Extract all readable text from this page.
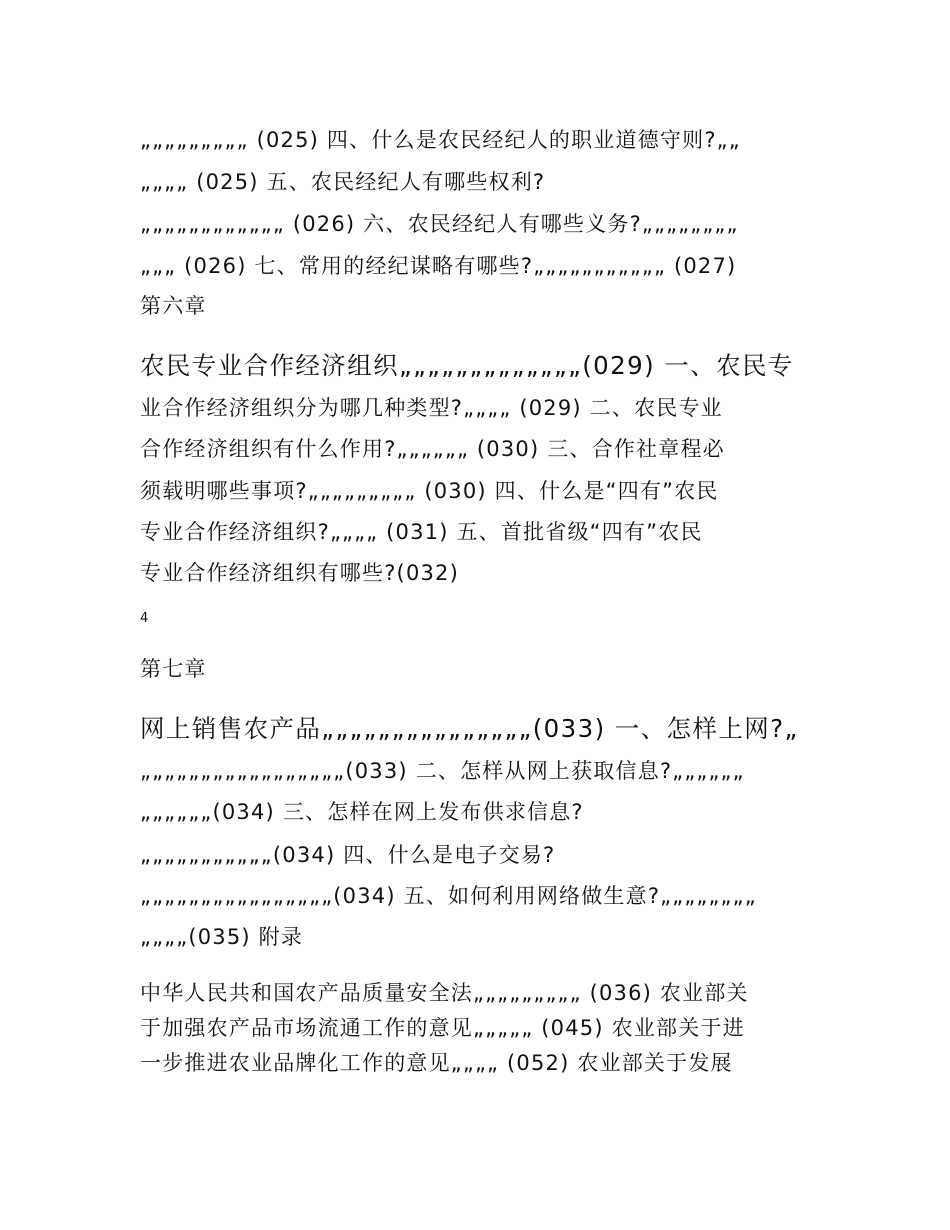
„„„„„„„„„ (025) 四、什么是农民经纪人的职业道德守则?„„
„„„„ (025) 五、农民经纪人有哪些权利?
„„„„„„„„„„„„ (026) 六、农民经纪人有哪些义务?„„„„„„„„
„„„ (026) 七、常用的经纪谋略有哪些?„„„„„„„„„„„ (027)
第六章
农民专业合作经济组织„„„„„„„„„„„„„(029) 一、农民专
业合作经济组织分为哪几种类型?„„„„ (029) 二、农民专业
合作经济组织有什么作用?„„„„„„ (030) 三、合作社章程必
须载明哪些事项?„„„„„„„„„ (030) 四、什么是“四有”农民
专业合作经济组织?„„„„ (031) 五、首批省级“四有”农民
专业合作经济组织有哪些?(032)
4
第七章
网上销售农产品„„„„„„„„„„„„„„„(033) 一、怎样上网?„
„„„„„„„„„„„„„„„„„(033) 二、怎样从网上获取信息?„„„„„„
„„„„„„(034) 三、怎样在网上发布供求信息?
„„„„„„„„„„„(034) 四、什么是电子交易?
„„„„„„„„„„„„„„„„(034) 五、如何利用网络做生意?„„„„„„„„
„„„„(035) 附录
中华人民共和国农产品质量安全法„„„„„„„„„ (036) 农业部关
于加强农产品市场流通工作的意见„„„„„ (045) 农业部关于进
一步推进农业品牌化工作的意见„„„„ (052) 农业部关于发展
